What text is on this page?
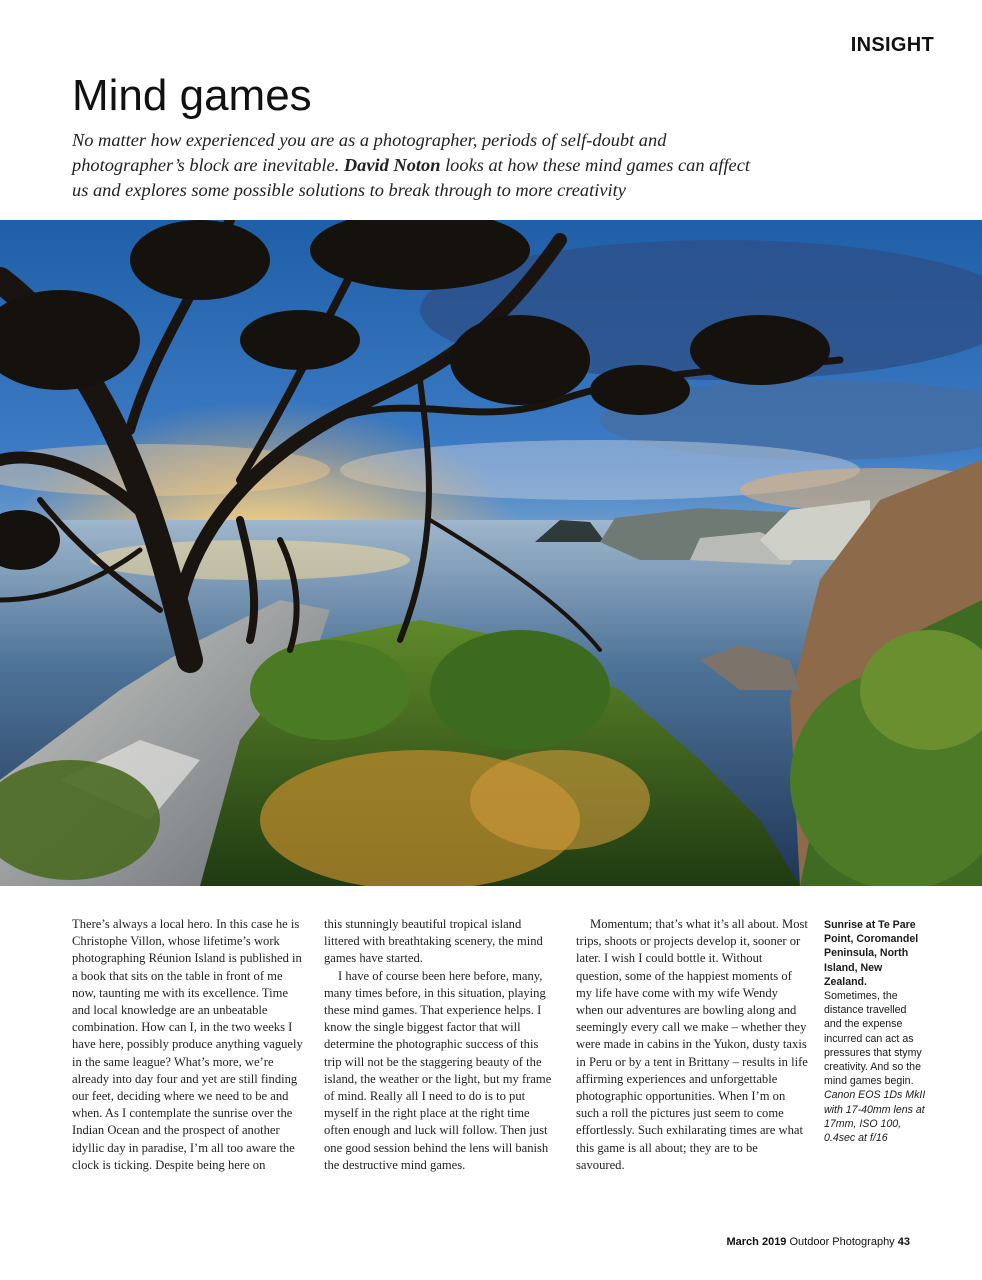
INSIGHT
Mind games

No matter how experienced you are as a photographer, periods of self-doubt and photographer’s block are inevitable. David Noton looks at how these mind games can affect us and explores some possible solutions to break through to more creativity

There’s always a local hero. In this case he is Christophe Villon, whose lifetime’s work photographing Réunion Island is published in a book that sits on the table in front of me now, taunting me with its excellence. Time and local knowledge are an unbeatable combination. How can I, in the two weeks I have here, possibly produce anything vaguely in the same league? What’s more, we’re already into day four and yet are still finding our feet, deciding where we need to be and when. As I contemplate the sunrise over the Indian Ocean and the prospect of another idyllic day in paradise, I’m all too aware the clock is ticking. Despite being here on

this stunningly beautiful tropical island littered with breathtaking scenery, the mind games have started.

I have of course been here before, many, many times before, in this situation, playing these mind games. That experience helps. I know the single biggest factor that will determine the photographic success of this trip will not be the staggering beauty of the island, the weather or the light, but my frame of mind. Really all I need to do is to put myself in the right place at the right time often enough and luck will follow. Then just one good session behind the lens will banish the destructive mind games.

Momentum; that’s what it’s all about. Most trips, shoots or projects develop it, sooner or later. I wish I could bottle it. Without question, some of the happiest moments of my life have come with my wife Wendy when our adventures are bowling along and seemingly every call we make – whether they were made in cabins in the Yukon, dusty taxis in Peru or by a tent in Brittany – results in life affirming experiences and unforgettable photographic opportunities. When I’m on such a roll the pictures just seem to come effortlessly. Such exhilarating times are what this game is all about; they are to be savoured.

Sunrise at Te Pare Point, Coromandel Peninsula, North Island, New Zealand.
Sometimes, the distance travelled and the expense incurred can act as pressures that stymy creativity. And so the mind games begin.
Canon EOS 1Ds MkII with 17-40mm lens at 17mm, ISO 100, 0.4sec at f/16
March 2019 Outdoor Photography 43
